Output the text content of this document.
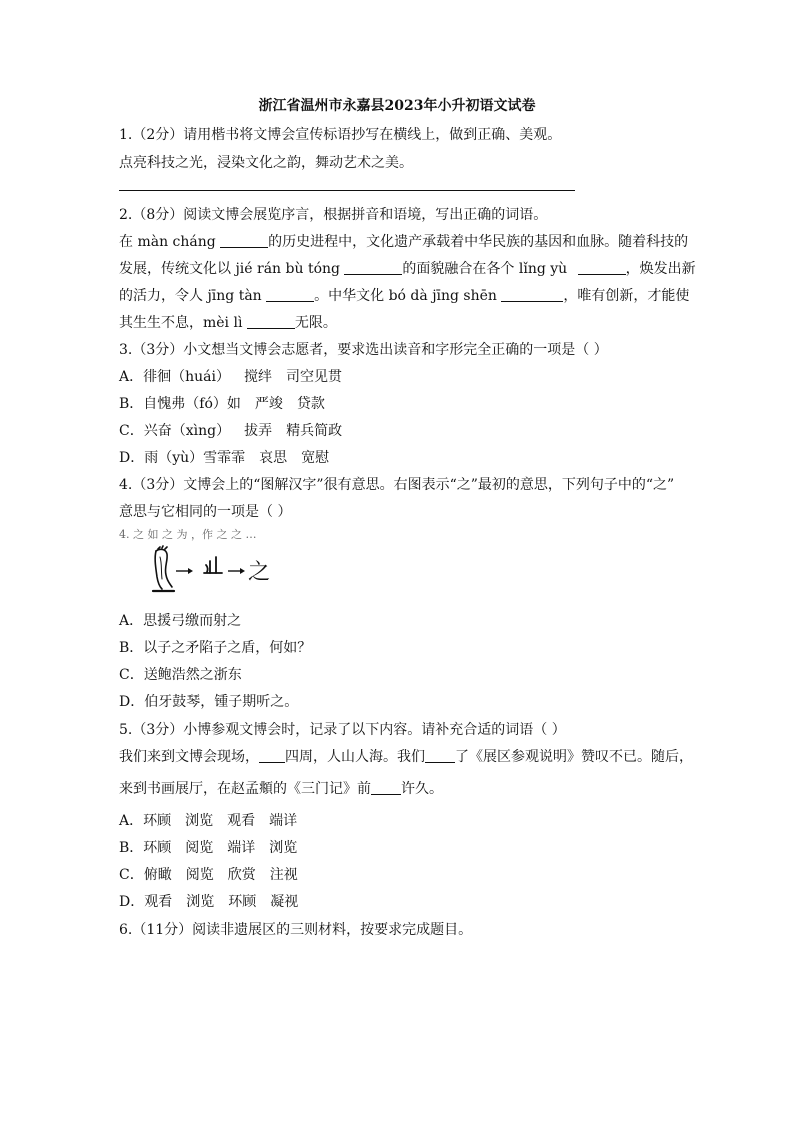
浙江省温州市永嘉县2023年小升初语文试卷
1.（2分）请用楷书将文博会宣传标语抄写在横线上，做到正确、美观。
点亮科技之光，浸染文化之韵，舞动艺术之美。
2.（8分）阅读文博会展览序言，根据拼音和语境，写出正确的词语。
在 màn cháng	的历史进程中，文化遗产承载着中华民族的基因和血脉。随着科技的
发展，传统文化以 jié rán bù tóng	的面貌融合在各个 lǐng yù	，焕发出新
的活力，令人 jīng tàn	。中华文化 bó dà jīng shēn	，唯有创新，才能使
其生生不息，mèi lì	无限。
3.（3分）小文想当文博会志愿者，要求选出读音和字形完全正确的一项是（ ）
A．徘徊（huái） 搅绊 司空见贯
B．自愧弗（fó）如 严竣 贷款
C．兴奋（xìng） 拔弄 精兵简政
D．雨（yù）雪霏霏 哀思 宽慰
4.（3分）文博会上的“图解汉字”很有意思。右图表示“之”最初的意思，下列句子中的“之”
意思与它相同的一项是（ ）
4. 之 如 之 为 ，作 之 之 …
之
A．思援弓缴而射之
B．以子之矛陷子之盾，何如？
C．送鲍浩然之浙东
D．伯牙鼓琴，锺子期听之。
5.（3分）小博参观文博会时，记录了以下内容。请补充合适的词语（ ）
我们来到文博会现场， 四周，人山人海。我们 了《展区参观说明》赞叹不已。随后，
来到书画展厅，在赵孟頫的《三门记》前 许久。
A．环顾 浏览 观看 端详
B．环顾 阅览 端详 浏览
C．俯瞰 阅览 欣赏 注视
D．观看 浏览 环顾 凝视
6.（11分）阅读非遗展区的三则材料，按要求完成题目。
